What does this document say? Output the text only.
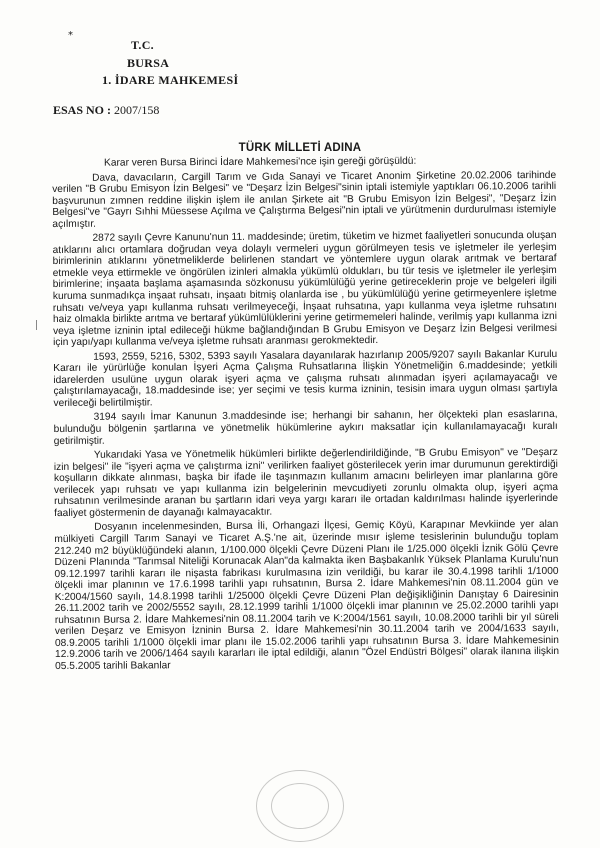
*
T.C.
BURSA
1. İDARE MAHKEMESİ
ESAS NO : 2007/158
TÜRK MİLLETİ ADINA

Karar veren Bursa Birinci İdare Mahkemesi'nce işin gereği görüşüldü:

Dava, davacıların, Cargill Tarım ve Gıda Sanayi ve Ticaret Anonim Şirketine 20.02.2006 tarihinde verilen "B Grubu Emisyon İzin Belgesi" ve "Deşarz İzin Belgesi"sinin iptali istemiyle yaptıkları 06.10.2006 tarihli başvurunun zımnen reddine ilişkin işlem ile anılan Şirkete ait "B Grubu Emisyon İzin Belgesi", "Deşarz İzin Belgesi"ve "Gayrı Sıhhi Müessese Açılma ve Çalıştırma Belgesi"nin iptali ve yürütmenin durdurulması istemiyle açılmıştır.

2872 sayılı Çevre Kanunu'nun 11. maddesinde; üretim, tüketim ve hizmet faaliyetleri sonucunda oluşan atıklarını alıcı ortamlara doğrudan veya dolaylı vermeleri uygun görülmeyen tesis ve işletmeler ile yerleşim birimlerinin atıklarını yönetmeliklerde belirlenen standart ve yöntemlere uygun olarak arıtmak ve bertaraf etmekle veya ettirmekle ve öngörülen izinleri almakla yükümlü oldukları, bu tür tesis ve işletmeler ile yerleşim birimlerine; inşaata başlama aşamasında sözkonusu yükümlülüğü yerine getireceklerin proje ve belgeleri ilgili kuruma sunmadıkça inşaat ruhsatı, inşaatı bitmiş olanlarda ise , bu yükümlülüğü yerine getirmeyenlere işletme ruhsatı ve/veya yapı kullanma ruhsatı verilmeyeceği, İnşaat ruhsatına, yapı kullanma veya işletme ruhsatını haiz olmakla birlikte arıtma ve bertaraf yükümlülüklerini yerine getirmemeleri halinde, verilmiş yapı kullanma izni veya işletme izninin iptal edileceği hükme bağlandığından B Grubu Emisyon ve Deşarz İzin Belgesi verilmesi için yapı/yapı kullanma ve/veya işletme ruhsatı aranması gerokmektedir.

1593, 2559, 5216, 5302, 5393 sayılı Yasalara dayanılarak hazırlanıp 2005/9207 sayılı Bakanlar Kurulu Kararı ile yürürlüğe konulan İşyeri Açma Çalışma Ruhsatlarına İlişkin Yönetmeliğin 6.maddesinde; yetkili idarelerden usulüne uygun olarak işyeri açma ve çalışma ruhsatı alınmadan işyeri açılamayacağı ve çalıştırılamayacağı, 18.maddesinde ise; yer seçimi ve tesis kurma izninin, tesisin imara uygun olması şartıyla verileceği belirtilmiştir.

3194 sayılı İmar Kanunun 3.maddesinde ise; herhangi bir sahanın, her ölçekteki plan esaslarına, bulunduğu bölgenin şartlarına ve yönetmelik hükümlerine aykırı maksatlar için kullanılamayacağı kuralı getirilmiştir.

Yukarıdaki Yasa ve Yönetmelik hükümleri birlikte değerlendirildiğinde, "B Grubu Emisyon" ve "Deşarz izin belgesi" ile "işyeri açma ve çalıştırma izni" verilirken faaliyet gösterilecek yerin imar durumunun gerektirdiği koşulların dikkate alınması, başka bir ifade ile taşınmazın kullanım amacını belirleyen imar planlarına göre verilecek yapı ruhsatı ve yapı kullanma izin belgelerinin mevcudiyeti zorunlu olmakta olup, işyeri açma ruhsatının verilmesinde aranan bu şartların idari veya yargı kararı ile ortadan kaldırılması halinde işyerlerinde faaliyet göstermenin de dayanağı kalmayacaktır.

Dosyanın incelenmesinden, Bursa İli, Orhangazi İlçesi, Gemiç Köyü, Karapınar Mevkiinde yer alan mülkiyeti Cargill Tarım Sanayi ve Ticaret A.Ş.'ne ait, üzerinde mısır işleme tesislerinin bulunduğu toplam 212.240 m2 büyüklüğündeki alanın, 1/100.000 ölçekli Çevre Düzeni Planı ile 1/25.000 ölçekli İznik Gölü Çevre Düzeni Planında "Tarımsal Niteliği Korunacak Alan"da kalmakta iken Başbakanlık Yüksek Planlama Kurulu'nun 09.12.1997 tarihli kararı ile nişasta fabrikası kurulmasına izin verildiği, bu karar ile 30.4.1998 tarihli 1/1000 ölçekli imar planının ve 17.6.1998 tarihli yapı ruhsatının, Bursa 2. İdare Mahkemesi'nin 08.11.2004 gün ve K:2004/1560 sayılı, 14.8.1998 tarihli 1/25000 ölçekli Çevre Düzeni Plan değişikliğinin Danıştay 6 Dairesinin 26.11.2002 tarih ve 2002/5552 sayılı, 28.12.1999 tarihli 1/1000 ölçekli imar planının ve 25.02.2000 tarihli yapı ruhsatının Bursa 2. İdare Mahkemesi'nin 08.11.2004 tarih ve K:2004/1561 sayılı, 10.08.2000 tarihli bir yıl süreli verilen Deşarz ve Emisyon İzninin Bursa 2. İdare Mahkemesi'nin 30.11.2004 tarih ve 2004/1633 sayılı, 08.9.2005 tarihli 1/1000 ölçekli imar planı ile 15.02.2006 tarihli yapı ruhsatının Bursa 3. İdare Mahkemesinin 12.9.2006 tarih ve 2006/1464 sayılı kararları ile iptal edildiği, alanın "Özel Endüstri Bölgesi" olarak ilanına ilişkin 05.5.2005 tarihli Bakanlar
